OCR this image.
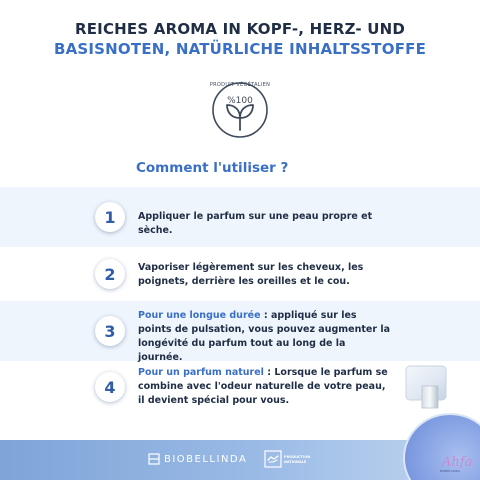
REICHES AROMA IN KOPF-, HERZ- UND
BASISNOTEN, NATÜRLICHE INHALTSSTOFFE
PRODUIT VÉGÉTALIEN
%100
Comment l'utiliser ?
1	Appliquer le parfum sur une peau propre et sèche.
2	Vaporiser légèrement sur les cheveux, les poignets, derrière les oreilles et le cou.
3
Pour une longue durée : appliqué sur les points de pulsation, vous pouvez augmenter la longévité du parfum tout au long de la journée.
4
Pour un parfum naturel : Lorsque le parfum se combine avec l'odeur naturelle de votre peau, il devient spécial pour vous.
BIOBELLINDA	PRODUCTION NATIONALE	Ahfa
BIOBELLINDA
